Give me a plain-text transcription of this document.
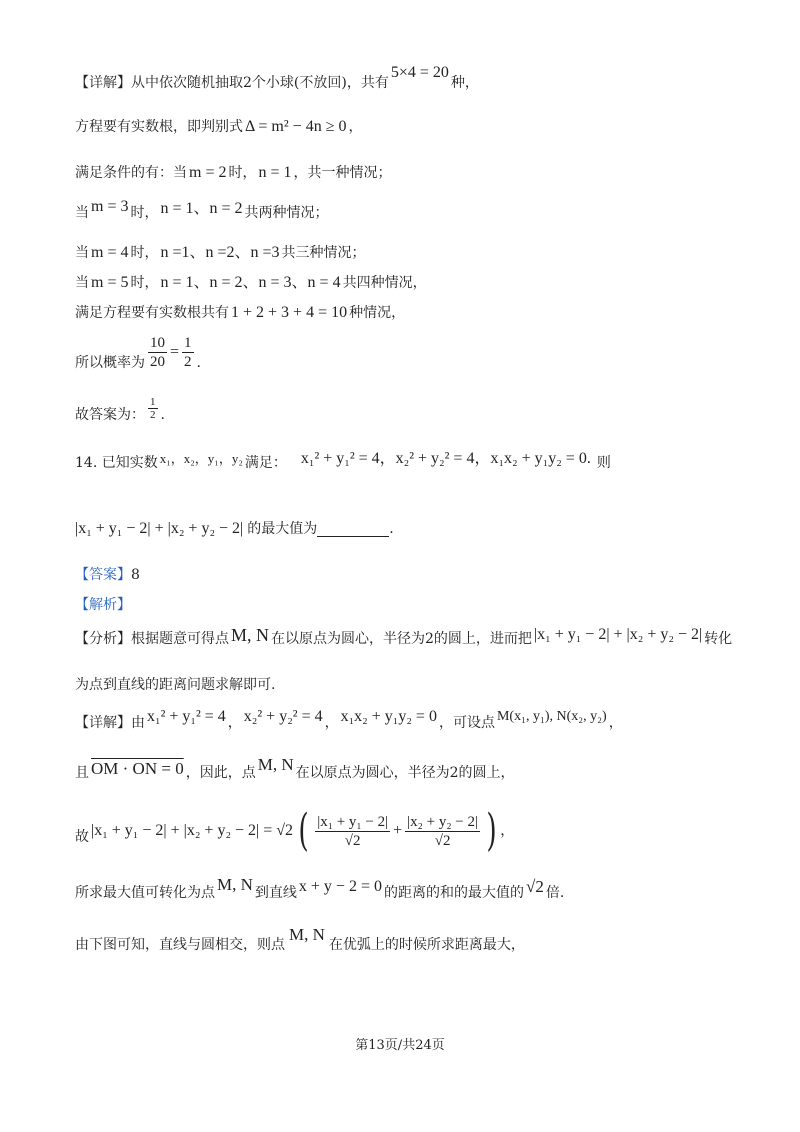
【详解】从中依次随机抽取2个小球(不放回)，共有5×4 = 20种，
方程要有实数根，即判别式 Δ = m² − 4n ≥ 0 ，
满足条件的有：当 m = 2 时， n = 1 ，共一种情况；
当 m = 3 时， n = 1、n = 2 共两种情况；
当 m = 4 时， n =1、n =2、n =3 共三种情况；
当 m = 5 时， n = 1、n = 2、n = 3、n = 4 共四种情况，
满足方程要有实数根共有 1 + 2 + 3 + 4 = 10 种情况，
所以概率为 $\frac{10}{20} = \frac{1}{2}$ .
故答案为： $\frac{1}{2}$ .
14. 已知实数 x₁，x₂，y₁，y₂ 满足： x₁² + y₁² = 4，x₂² + y₂² = 4，x₁x₂ + y₁y₂ = 0. 则
|x₁ + y₁ − 2| + |x₂ + y₂ − 2| 的最大值为	.
【答案】8
【解析】
【分析】根据题意可得点 M, N 在以原点为圆心，半径为2的圆上，进而把 |x₁ + y₁ − 2| + |x₂ + y₂ − 2| 转化
为点到直线的距离问题求解即可.
【详解】由 x₁² + y₁² = 4 ， x₂² + y₂² = 4 ， x₁x₂ + y₁y₂ = 0 ，可设点 M(x₁, y₁), N(x₂, y₂) ，
且 OM · ON = 0 ，因此，点 M, N 在以原点为圆心，半径为2的圆上，
故 |x₁ + y₁ − 2| + |x₂ + y₂ − 2| = √2 ( $\frac{\text{|x₁ + y₁ − 2|}}{√2} + \frac{\text{|x₂ + y₂ − 2|}}{√2}$ ) ，
所求最大值可转化为点 M, N 到直线 x + y − 2 = 0 的距离的和的最大值的 √2 倍.
由下图可知，直线与圆相交，则点M, N在优弧上的时候所求距离最大，
第13页/共24页
